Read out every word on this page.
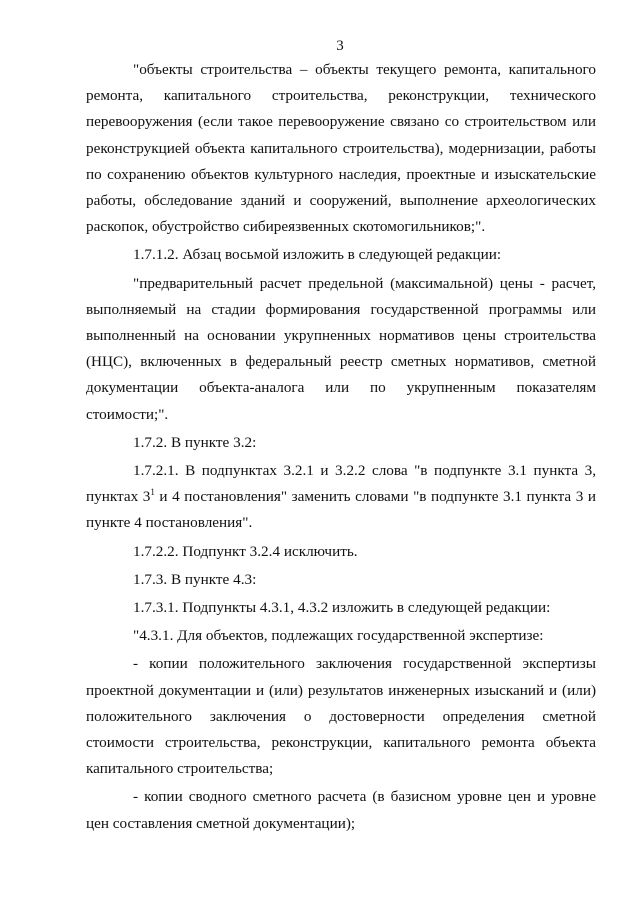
3

"объекты строительства – объекты текущего ремонта, капитального ремонта, капитального строительства, реконструкции, технического перевооружения (если такое перевооружение связано со строительством или реконструкцией объекта капитального строительства), модернизации, работы по сохранению объектов культурного наследия, проектные и изыскательские работы, обследование зданий и сооружений, выполнение археологических раскопок, обустройство сибиреязвенных скотомогильников;".

1.7.1.2. Абзац восьмой изложить в следующей редакции:

"предварительный расчет предельной (максимальной) цены - расчет, выполняемый на стадии формирования государственной программы или выполненный на основании укрупненных нормативов цены строительства (НЦС), включенных в федеральный реестр сметных нормативов, сметной документации объекта-аналога или по укрупненным показателям стоимости;".

1.7.2. В пункте 3.2:

1.7.2.1. В подпунктах 3.2.1 и 3.2.2 слова "в подпункте 3.1 пункта 3, пунктах $3^1$ и 4 постановления" заменить словами "в подпункте 3.1 пункта 3 и пункте 4 постановления".

1.7.2.2. Подпункт 3.2.4 исключить.

1.7.3. В пункте 4.3:

1.7.3.1. Подпункты 4.3.1, 4.3.2 изложить в следующей редакции:

"4.3.1. Для объектов, подлежащих государственной экспертизе:

- копии положительного заключения государственной экспертизы проектной документации и (или) результатов инженерных изысканий и (или) положительного заключения о достоверности определения сметной стоимости строительства, реконструкции, капитального ремонта объекта капитального строительства;

- копии сводного сметного расчета (в базисном уровне цен и уровне цен составления сметной документации);
